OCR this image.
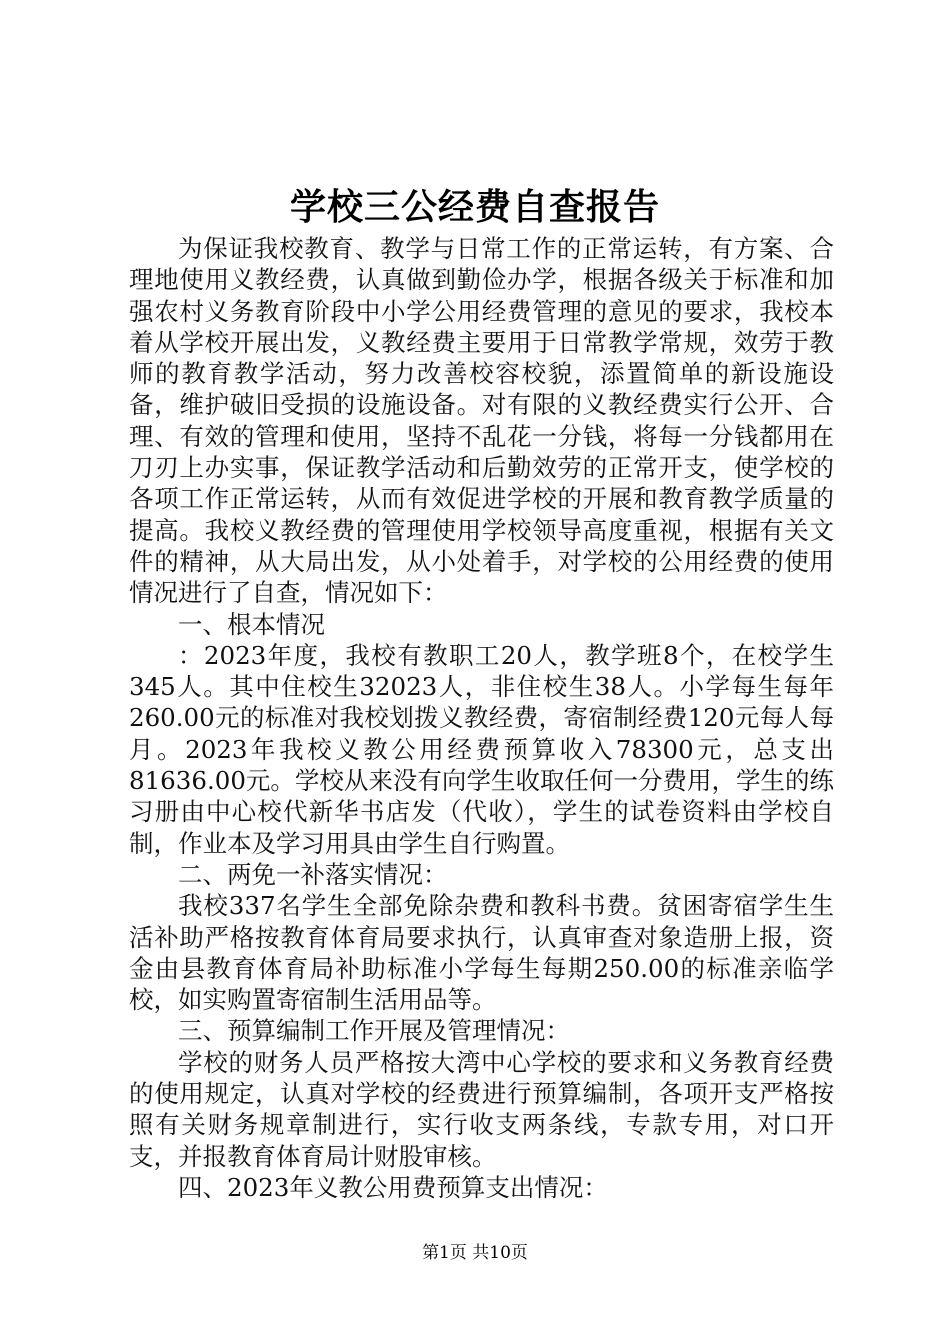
学校三公经费自查报告

为保证我校教育、教学与日常工作的正常运转，有方案、合理地使用义教经费，认真做到勤俭办学，根据各级关于标准和加强农村义务教育阶段中小学公用经费管理的意见的要求，我校本着从学校开展出发，义教经费主要用于日常教学常规，效劳于教师的教育教学活动，努力改善校容校貌，添置简单的新设施设备，维护破旧受损的设施设备。对有限的义教经费实行公开、合理、有效的管理和使用，坚持不乱花一分钱，将每一分钱都用在刀刃上办实事，保证教学活动和后勤效劳的正常开支，使学校的各项工作正常运转，从而有效促进学校的开展和教育教学质量的提高。我校义教经费的管理使用学校领导高度重视，根据有关文件的精神，从大局出发，从小处着手，对学校的公用经费的使用情况进行了自查，情况如下：

一、根本情况

：2023年度，我校有教职工20人，教学班8个，在校学生345人。其中住校生32023人，非住校生38人。小学每生每年260.00元的标准对我校划拨义教经费，寄宿制经费120元每人每月。2023年我校义教公用经费预算收入78300元，总支出81636.00元。学校从来没有向学生收取任何一分费用，学生的练习册由中心校代新华书店发（代收），学生的试卷资料由学校自制，作业本及学习用具由学生自行购置。

二、两免一补落实情况：

我校337名学生全部免除杂费和教科书费。贫困寄宿学生生活补助严格按教育体育局要求执行，认真审查对象造册上报，资金由县教育体育局补助标准小学每生每期250.00的标准亲临学校，如实购置寄宿制生活用品等。

三、预算编制工作开展及管理情况：

学校的财务人员严格按大湾中心学校的要求和义务教育经费的使用规定，认真对学校的经费进行预算编制，各项开支严格按照有关财务规章制进行，实行收支两条线，专款专用，对口开支，并报教育体育局计财股审核。

四、2023年义教公用费预算支出情况：

第1页 共10页
